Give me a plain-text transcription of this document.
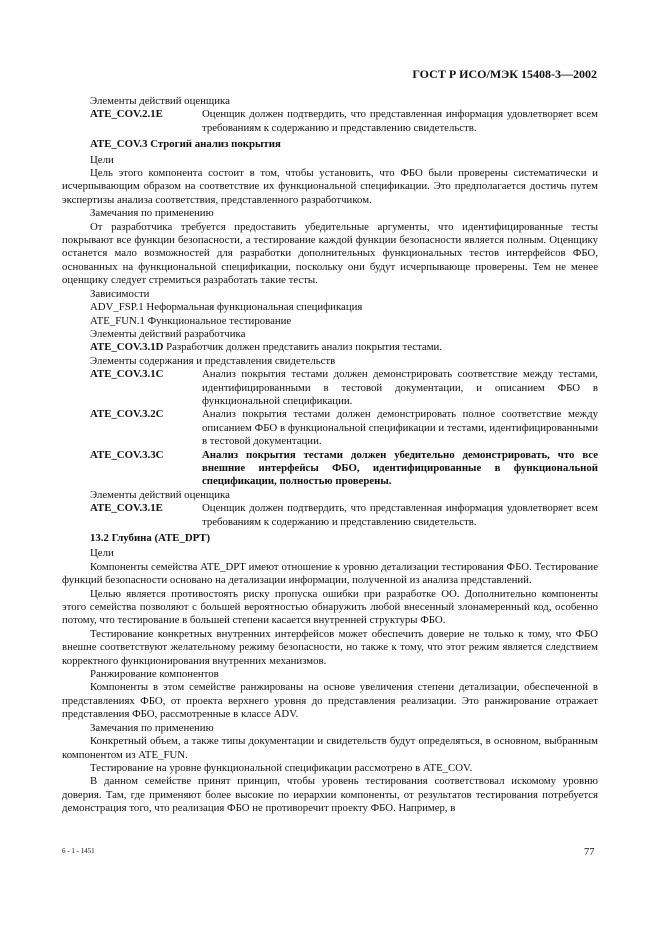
ГОСТ Р ИСО/МЭК 15408-3—2002

Элементы действий оценщика

ATE_COV.2.1E	Оценщик должен подтвердить, что представленная информация удовлетворяет всем требованиям к содержанию и представлению свидетельств.

ATE_COV.3 Строгий анализ покрытия

Цели

Цель этого компонента состоит в том, чтобы установить, что ФБО были проверены систематически и исчерпывающим образом на соответствие их функциональной спецификации. Это предполагается достичь путем экспертизы анализа соответствия, представленного разработчиком.

Замечания по применению

От разработчика требуется предоставить убедительные аргументы, что идентифицированные тесты покрывают все функции безопасности, а тестирование каждой функции безопасности является полным. Оценщику останется мало возможностей для разработки дополнительных функциональных тестов интерфейсов ФБО, основанных на функциональной спецификации, поскольку они будут исчерпывающе проверены. Тем не менее оценщику следует стремиться разработать такие тесты.

Зависимости

ADV_FSP.1 Неформальная функциональная спецификация

ATE_FUN.1 Функциональное тестирование

Элементы действий разработчика

ATE_COV.3.1D Разработчик должен представить анализ покрытия тестами.

Элементы содержания и представления свидетельств

ATE_COV.3.1C	Анализ покрытия тестами должен демонстрировать соответствие между тестами, идентифицированными в тестовой документации, и описанием ФБО в функциональной спецификации.

ATE_COV.3.2C	Анализ покрытия тестами должен демонстрировать полное соответствие между описанием ФБО в функциональной спецификации и тестами, идентифицированными в тестовой документации.

ATE_COV.3.3C	Анализ покрытия тестами должен убедительно демонстрировать, что все внешние интерфейсы ФБО, идентифицированные в функциональной спецификации, полностью проверены.

Элементы действий оценщика

ATE_COV.3.1E	Оценщик должен подтвердить, что представленная информация удовлетворяет всем требованиям к содержанию и представлению свидетельств.

13.2 Глубина (ATE_DPT)

Цели

Компоненты семейства ATE_DPT имеют отношение к уровню детализации тестирования ФБО. Тестирование функций безопасности основано на детализации информации, полученной из анализа представлений.

Целью является противостоять риску пропуска ошибки при разработке ОО. Дополнительно компоненты этого семейства позволяют с большей вероятностью обнаружить любой внесенный злонамеренный код, особенно потому, что тестирование в большей степени касается внутренней структуры ФБО.

Тестирование конкретных внутренних интерфейсов может обеспечить доверие не только к тому, что ФБО внешне соответствуют желательному режиму безопасности, но также к тому, что этот режим является следствием корректного функционирования внутренних механизмов.

Ранжирование компонентов

Компоненты в этом семействе ранжированы на основе увеличения степени детализации, обеспеченной в представлениях ФБО, от проекта верхнего уровня до представления реализации. Это ранжирование отражает представления ФБО, рассмотренные в классе ADV.

Замечания по применению

Конкретный объем, а также типы документации и свидетельств будут определяться, в основном, выбранным компонентом из ATE_FUN.

Тестирование на уровне функциональной спецификации рассмотрено в ATE_COV.

В данном семействе принят принцип, чтобы уровень тестирования соответствовал искомому уровню доверия. Там, где применяют более высокие по иерархии компоненты, от результатов тестирования потребуется демонстрация того, что реализация ФБО не противоречит проекту ФБО. Например, в

6 - 1 - 1451	77
